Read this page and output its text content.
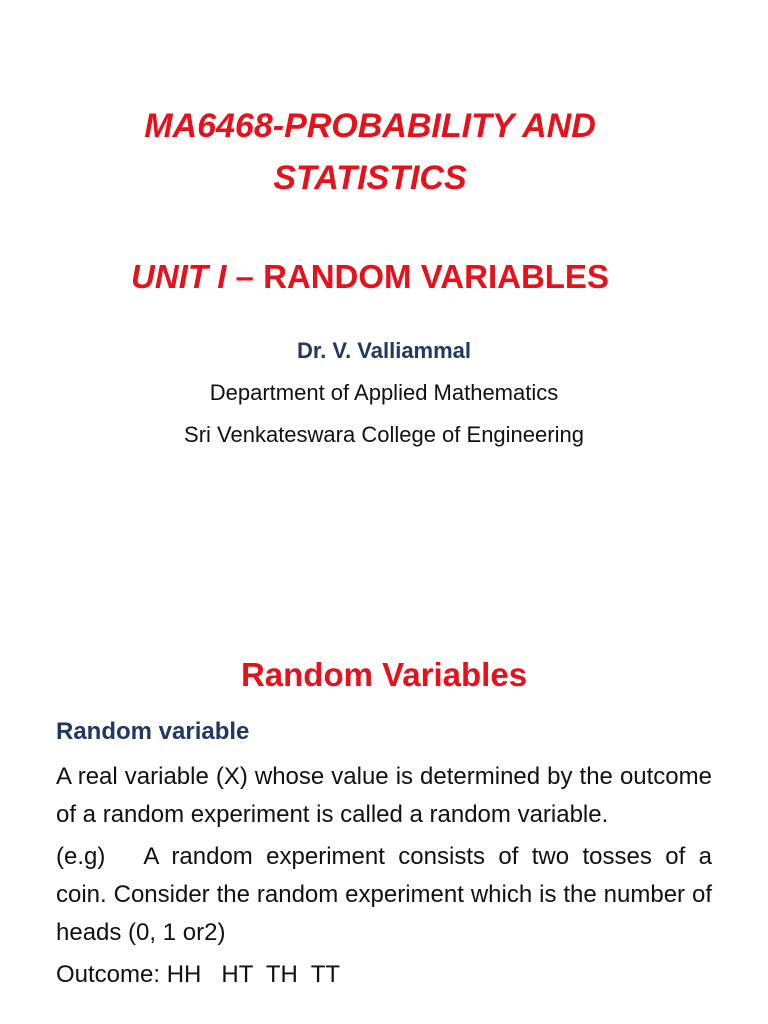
MA6468-PROBABILITY AND
STATISTICS
UNIT I – RANDOM VARIABLES
Dr. V. Valliammal
Department of Applied Mathematics
Sri Venkateswara College of Engineering
Random Variables
Random variable

A real variable (X) whose value is determined by the outcome of a random experiment is called a random variable.

(e.g) A random experiment consists of two tosses of a coin. Consider the random experiment which is the number of heads (0, 1 or2)

Outcome: HH   HT  TH  TT
